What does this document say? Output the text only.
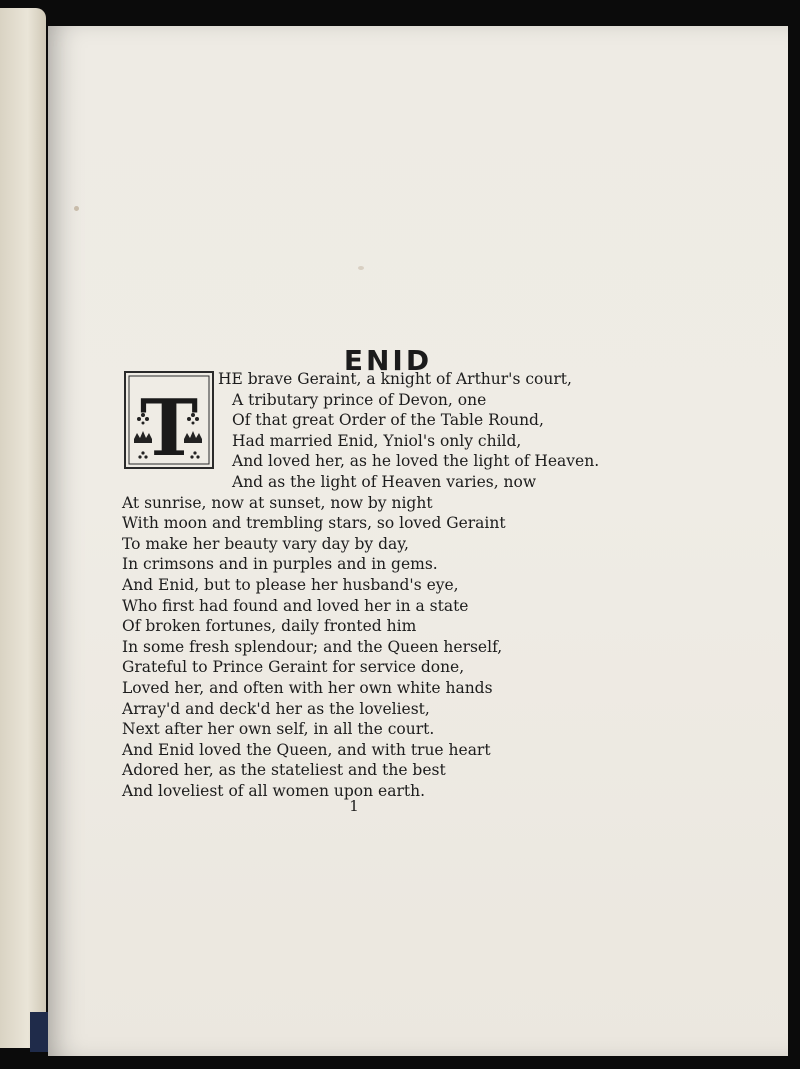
ENID
T
HE brave Geraint, a knight of Arthur's court,
A tributary prince of Devon, one
Of that great Order of the Table Round,
Had married Enid, Yniol's only child,
And loved her, as he loved the light of Heaven.
And as the light of Heaven varies, now
At sunrise, now at sunset, now by night
With moon and trembling stars, so loved Geraint
To make her beauty vary day by day,
In crimsons and in purples and in gems.
And Enid, but to please her husband's eye,
Who first had found and loved her in a state
Of broken fortunes, daily fronted him
In some fresh splendour; and the Queen herself,
Grateful to Prince Geraint for service done,
Loved her, and often with her own white hands
Array'd and deck'd her as the loveliest,
Next after her own self, in all the court.
And Enid loved the Queen, and with true heart
Adored her, as the stateliest and the best
And loveliest of all women upon earth.
1
